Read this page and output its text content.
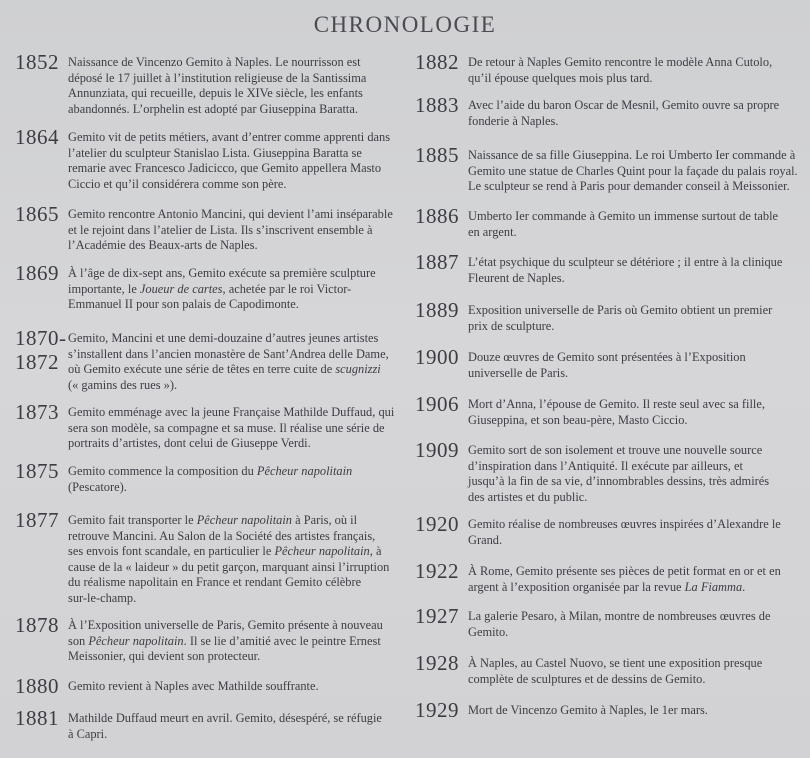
CHRONOLOGIE
1852 Naissance de Vincenzo Gemito à Naples. Le nourrisson est
déposé le 17 juillet à l’institution religieuse de la Santissima
Annunziata, qui recueille, depuis le XIVe siècle, les enfants
abandonnés. L’orphelin est adopté par Giuseppina Baratta.
1864 Gemito vit de petits métiers, avant d’entrer comme apprenti dans
l’atelier du sculpteur Stanislao Lista. Giuseppina Baratta se
remarie avec Francesco Jadicicco, que Gemito appellera Masto
Ciccio et qu’il considérera comme son père.
1865 Gemito rencontre Antonio Mancini, qui devient l’ami inséparable
et le rejoint dans l’atelier de Lista. Ils s’inscrivent ensemble à
l’Académie des Beaux-arts de Naples.
1869 À l’âge de dix-sept ans, Gemito exécute sa première sculpture
importante, le Joueur de cartes, achetée par le roi Victor-
Emmanuel II pour son palais de Capodimonte.
1870-
1872
Gemito, Mancini et une demi-douzaine d’autres jeunes artistes
s’installent dans l’ancien monastère de Sant’Andrea delle Dame,
où Gemito exécute une série de têtes en terre cuite de scugnizzi
(« gamins des rues »).
1873 Gemito emménage avec la jeune Française Mathilde Duffaud, qui
sera son modèle, sa compagne et sa muse. Il réalise une série de
portraits d’artistes, dont celui de Giuseppe Verdi.
1875 Gemito commence la composition du Pêcheur napolitain
(Pescatore).
1877 Gemito fait transporter le Pêcheur napolitain à Paris, où il
retrouve Mancini. Au Salon de la Société des artistes français,
ses envois font scandale, en particulier le Pêcheur napolitain, à
cause de la « laideur » du petit garçon, marquant ainsi l’irruption
du réalisme napolitain en France et rendant Gemito célèbre
sur-le-champ.
1878 À l’Exposition universelle de Paris, Gemito présente à nouveau
son Pêcheur napolitain. Il se lie d’amitié avec le peintre Ernest
Meissonier, qui devient son protecteur.
1880 Gemito revient à Naples avec Mathilde souffrante.
1881 Mathilde Duffaud meurt en avril. Gemito, désespéré, se réfugie
à Capri.
1882 De retour à Naples Gemito rencontre le modèle Anna Cutolo,
qu’il épouse quelques mois plus tard.
1883 Avec l’aide du baron Oscar de Mesnil, Gemito ouvre sa propre
fonderie à Naples.
1885 Naissance de sa fille Giuseppina. Le roi Umberto Ier commande à
Gemito une statue de Charles Quint pour la façade du palais royal.
Le sculpteur se rend à Paris pour demander conseil à Meissonier.
1886 Umberto Ier commande à Gemito un immense surtout de table
en argent.
1887 L’état psychique du sculpteur se détériore ; il entre à la clinique
Fleurent de Naples.
1889 Exposition universelle de Paris où Gemito obtient un premier
prix de sculpture.
1900 Douze œuvres de Gemito sont présentées à l’Exposition
universelle de Paris.
1906 Mort d’Anna, l’épouse de Gemito. Il reste seul avec sa fille,
Giuseppina, et son beau-père, Masto Ciccio.
1909 Gemito sort de son isolement et trouve une nouvelle source
d’inspiration dans l’Antiquité. Il exécute par ailleurs, et
jusqu’à la fin de sa vie, d’innombrables dessins, très admirés
des artistes et du public.
1920 Gemito réalise de nombreuses œuvres inspirées d’Alexandre le
Grand.
1922 À Rome, Gemito présente ses pièces de petit format en or et en
argent à l’exposition organisée par la revue La Fiamma.
1927 La galerie Pesaro, à Milan, montre de nombreuses œuvres de
Gemito.
1928 À Naples, au Castel Nuovo, se tient une exposition presque
complète de sculptures et de dessins de Gemito.
1929 Mort de Vincenzo Gemito à Naples, le 1er mars.
